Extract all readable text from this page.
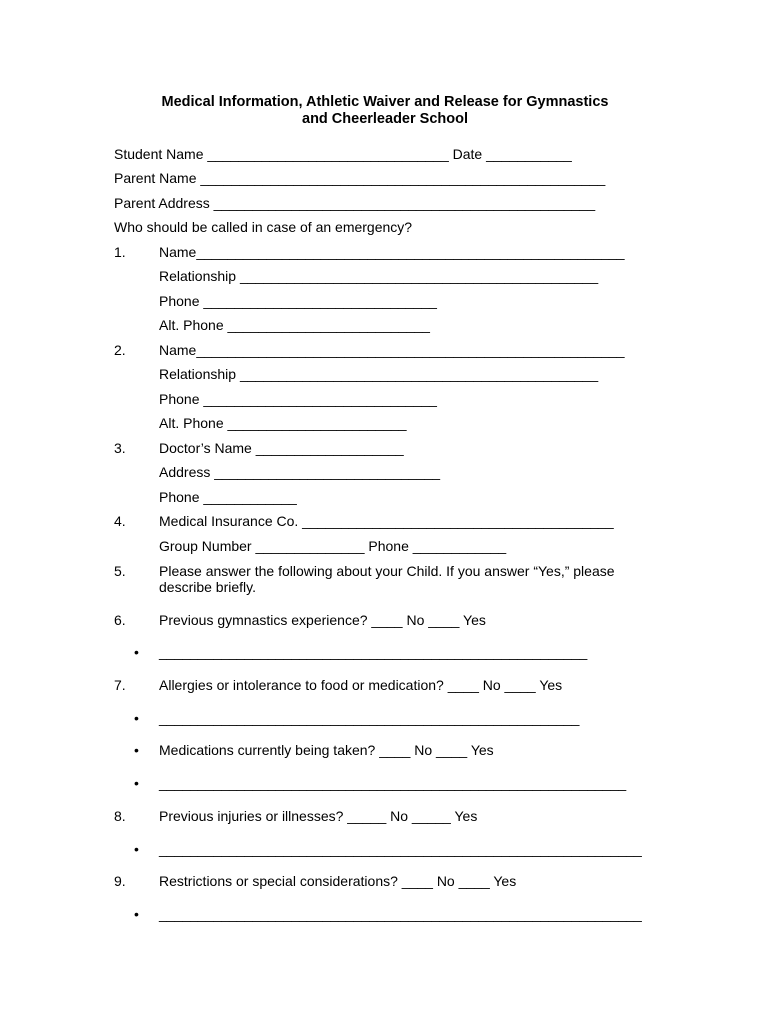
Medical Information, Athletic Waiver and Release for Gymnastics
and Cheerleader School
Student Name _______________________________ Date ___________
Parent Name ____________________________________________________
Parent Address _________________________________________________
Who should be called in case of an emergency?
1. Name_______________________________________________________
Relationship ______________________________________________
Phone ______________________________
Alt. Phone __________________________
2. Name_______________________________________________________
Relationship ______________________________________________
Phone ______________________________
Alt. Phone _______________________
3. Doctor’s Name ___________________
Address _____________________________
Phone ____________
4. Medical Insurance Co. ________________________________________
Group Number ______________ Phone ____________
5. Please answer the following about your Child. If you answer “Yes,” please describe briefly.
6. Previous gymnastics experience? ____ No ____ Yes
• _______________________________________________________
7. Allergies or intolerance to food or medication? ____ No ____ Yes
• ______________________________________________________
• Medications currently being taken? ____ No ____ Yes
• ____________________________________________________________
8. Previous injuries or illnesses? _____ No _____ Yes
• ______________________________________________________________
9. Restrictions or special considerations? ____ No ____ Yes
• ______________________________________________________________
